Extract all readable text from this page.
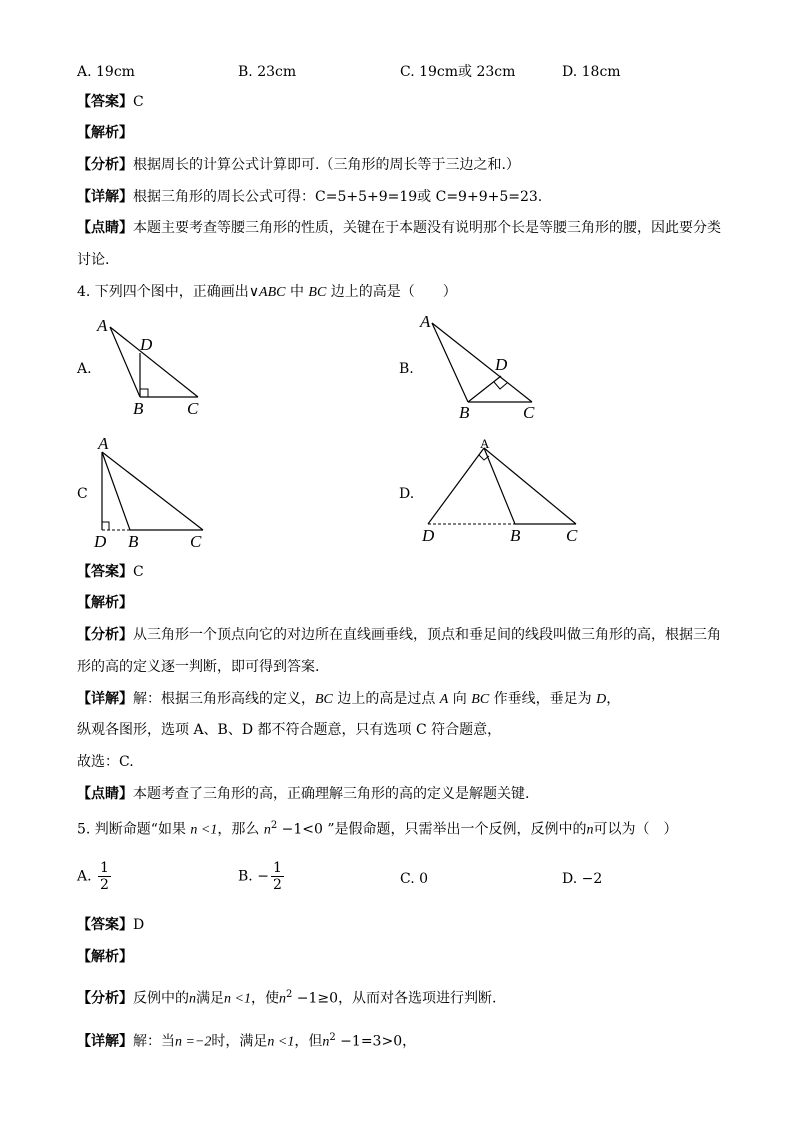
A. 19cm	B. 23cm	C. 19cm或 23cm	D. 18cm
【答案】C
【解析】
【分析】根据周长的计算公式计算即可.（三角形的周长等于三边之和.）
【详解】根据三角形的周长公式可得：C=5+5+9=19或 C=9+9+5=23.
【点睛】本题主要考查等腰三角形的性质，关键在于本题没有说明那个长是等腰三角形的腰，因此要分类
讨论.
4. 下列四个图中，正确画出∨ABC 中 BC 边上的高是（　　）
A.
A
D
B	C
B.
A
D
B	C
C
A
D B	C
D.
A
D	B	C
【答案】C
【解析】
【分析】从三角形一个顶点向它的对边所在直线画垂线，顶点和垂足间的线段叫做三角形的高，根据三角
形的高的定义逐一判断，即可得到答案.
【详解】解：根据三角形高线的定义，BC 边上的高是过点 A 向 BC 作垂线，垂足为 D，
纵观各图形，选项 A、B、D 都不符合题意，只有选项 C 符合题意，
故选：C.
【点睛】本题考查了三角形的高，正确理解三角形的高的定义是解题关键.
5. 判断命题“如果 n <1，那么 $n^2 -1<0$ ”是假命题，只需举出一个反例，反例中的n可以为（　）
A. $\frac{1}{2}$	B. − $\frac{1}{2}$	C. 0	D. −2
【答案】D
【解析】
【分析】反例中的n满足n <1，使$n^2 -1\ge 0$，从而对各选项进行判断.
【详解】解：当n =−2时，满足n <1，但$n^2 -1=3>0$，
